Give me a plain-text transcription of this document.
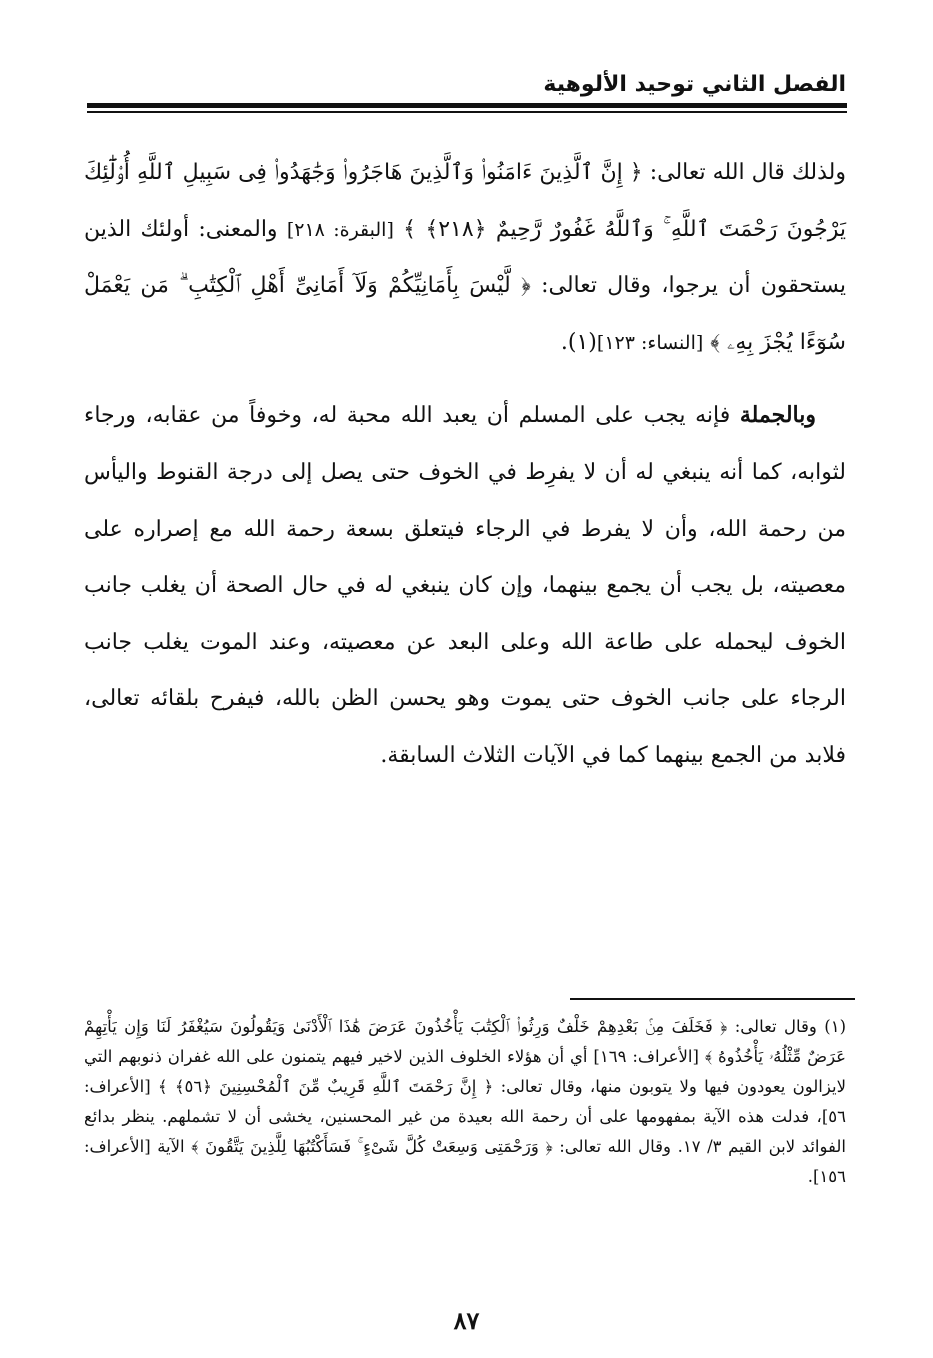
الفصل الثاني توحيد الألوهية

ولذلك قال الله تعالى: ﴿ إِنَّ ٱلَّذِينَ ءَامَنُوا۟ وَٱلَّذِينَ هَاجَرُوا۟ وَجَٰهَدُوا۟ فِى سَبِيلِ ٱللَّهِ أُو۟لَٰٓئِكَ يَرْجُونَ رَحْمَتَ ٱللَّهِ ۚ وَٱللَّهُ غَفُورٌ رَّحِيمٌ ﴿٢١٨﴾ ﴾ [البقرة: ٢١٨] والمعنى: أولئك الذين يستحقون أن يرجوا، وقال تعالى: ﴿ لَّيْسَ بِأَمَانِيِّكُمْ وَلَآ أَمَانِىِّ أَهْلِ ٱلْكِتَٰبِ ۗ مَن يَعْمَلْ سُوٓءًا يُجْزَ بِهِۦ ﴾ [النساء: ١٢٣](١).

وبالجملة فإنه يجب على المسلم أن يعبد الله محبة له، وخوفاً من عقابه، ورجاء لثوابه، كما أنه ينبغي له أن لا يفرِط في الخوف حتى يصل إلى درجة القنوط واليأس من رحمة الله، وأن لا يفرط في الرجاء فيتعلق بسعة رحمة الله مع إصراره على معصيته، بل يجب أن يجمع بينهما، وإن كان ينبغي له في حال الصحة أن يغلب جانب الخوف ليحمله على طاعة الله وعلى البعد عن معصيته، وعند الموت يغلب جانب الرجاء على جانب الخوف حتى يموت وهو يحسن الظن بالله، فيفرح بلقائه تعالى، فلابد من الجمع بينهما كما في الآيات الثلاث السابقة.

(١) وقال تعالى: ﴿ فَخَلَفَ مِنۢ بَعْدِهِمْ خَلْفٌ وَرِثُوا۟ ٱلْكِتَٰبَ يَأْخُذُونَ عَرَضَ هَٰذَا ٱلْأَدْنَىٰ وَيَقُولُونَ سَيُغْفَرُ لَنَا وَإِن يَأْتِهِمْ عَرَضٌ مِّثْلُهُۥ يَأْخُذُوهُ ﴾ [الأعراف: ١٦٩] أي أن هؤلاء الخلوف الذين لاخير فيهم يتمنون على الله غفران ذنوبهم التي لايزالون يعودون فيها ولا يتوبون منها، وقال تعالى: ﴿ إِنَّ رَحْمَتَ ٱللَّهِ قَرِيبٌ مِّنَ ٱلْمُحْسِنِينَ ﴿٥٦﴾ ﴾ [الأعراف: ٥٦]، فدلت هذه الآية بمفهومها على أن رحمة الله بعيدة من غير المحسنين، يخشى أن لا تشملهم. ينظر بدائع الفوائد لابن القيم ٣/ ١٧. وقال الله تعالى: ﴿ وَرَحْمَتِى وَسِعَتْ كُلَّ شَىْءٍ ۚ فَسَأَكْتُبُهَا لِلَّذِينَ يَتَّقُونَ ﴾ الآية [الأعراف: ١٥٦].

٨٧
